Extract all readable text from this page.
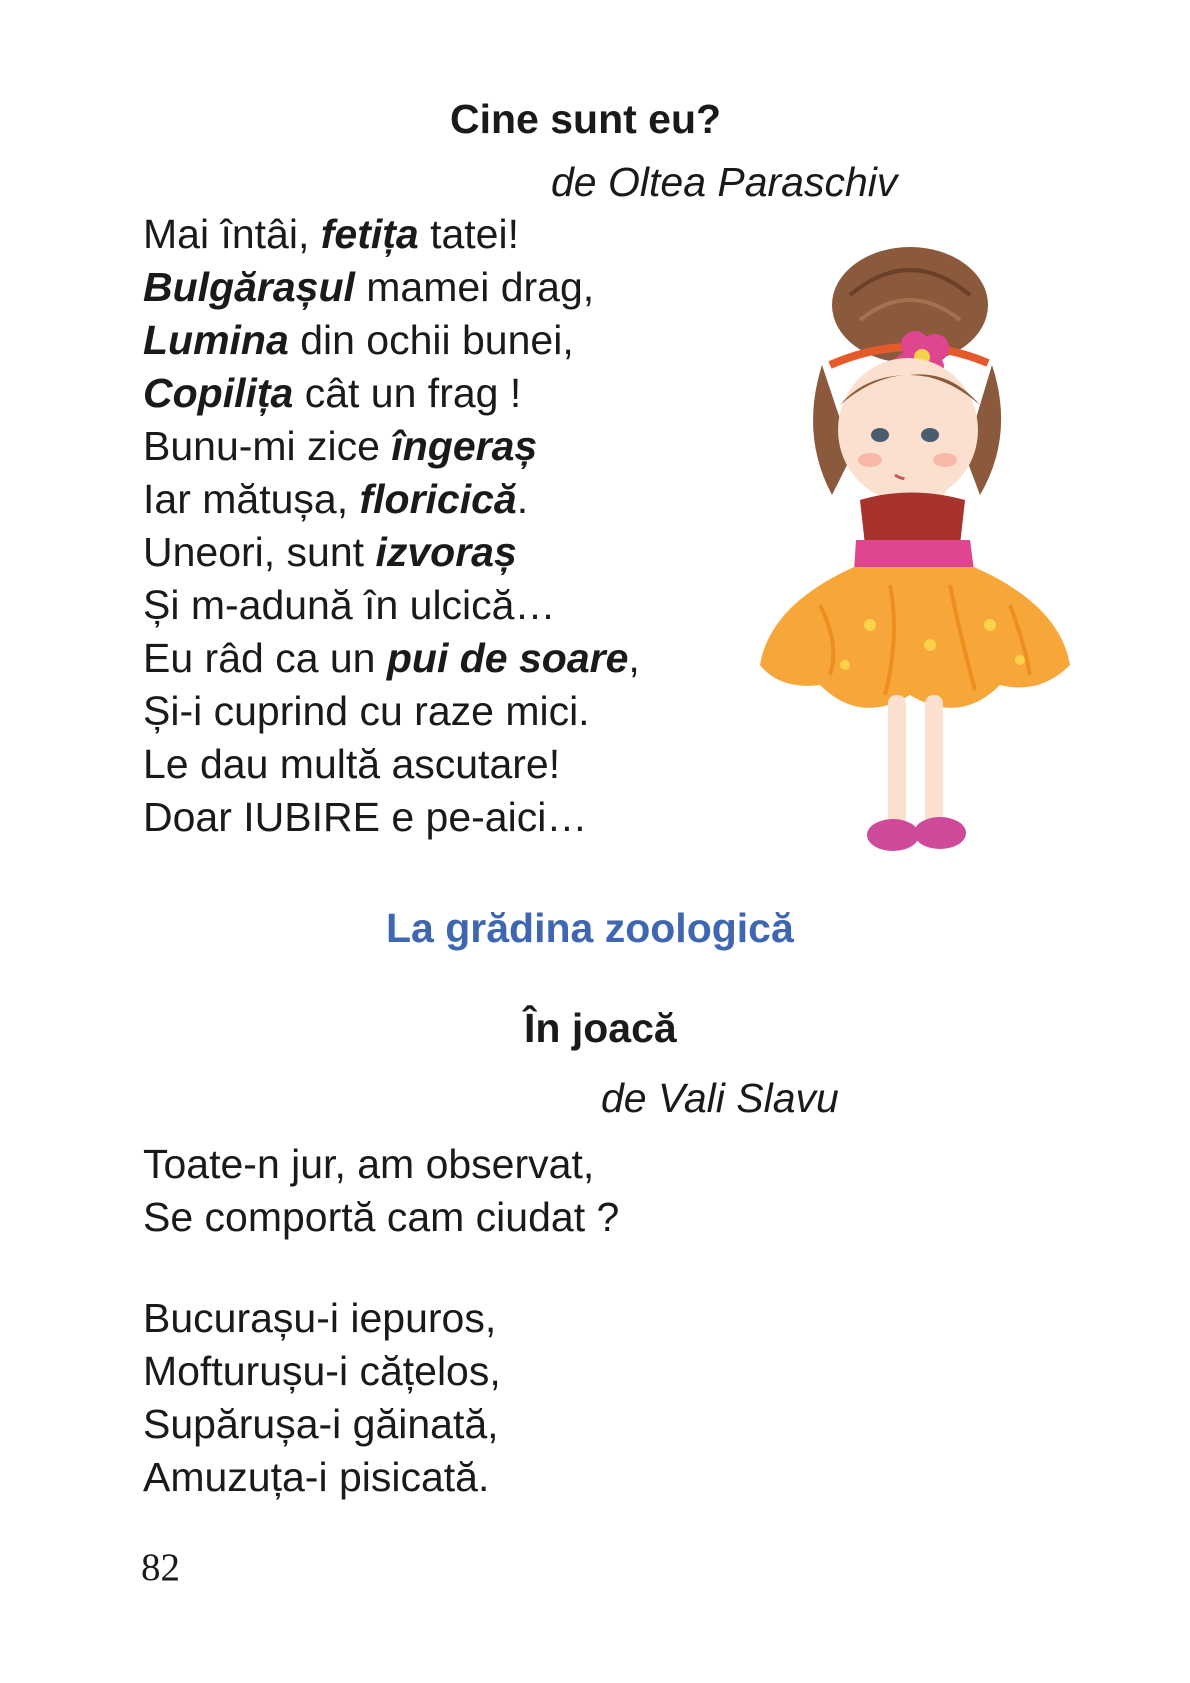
Cine sunt eu?
de Oltea Paraschiv
Mai întâi, fetița tatei!
Bulgărașul mamei drag,
Lumina din ochii bunei,
Copilița cât un frag !
Bunu-mi zice îngeraș
Iar mătușa, floricică.
Uneori, sunt izvoraș
Și m-adună în ulcică…
Eu râd ca un pui de soare,
Și-i cuprind cu raze mici.
Le dau multă ascutare!
Doar IUBIRE e pe-aici…
La grădina zoologică
În joacă
de Vali Slavu
Toate-n jur, am observat,
Se comportă cam ciudat ?
Bucurașu-i iepuros,
Mofturușu-i cățelos,
Supărușa-i găinată,
Amuzuța-i pisicată.
82
